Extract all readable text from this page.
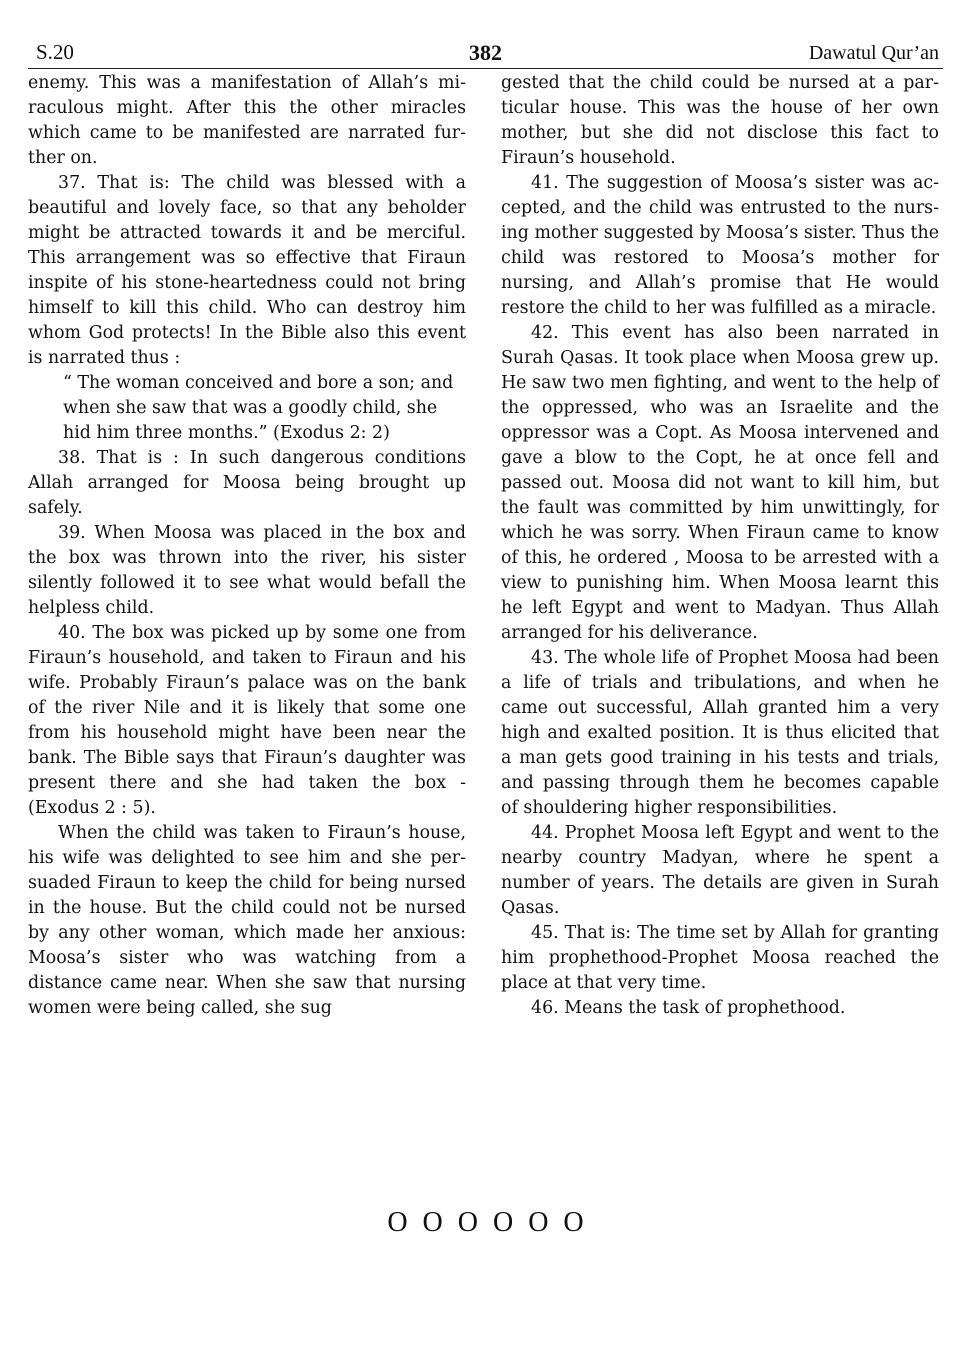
S.20	382	Dawatul Qur’an

enemy. This was a manifestation of Allah’s miraculous might. After this the other miracles which came to be manifested are narrated further on.

37. That is: The child was blessed with a beautiful and lovely face, so that any beholder might be attracted towards it and be merciful. This arrangement was so effective that Firaun inspite of his stone-heartedness could not bring himself to kill this child. Who can destroy him whom God protects! In the Bible also this event is narrated thus :

“ The woman conceived and bore a son; and when she saw that was a goodly child, she hid him three months.” (Exodus 2: 2)

38. That is : In such dangerous conditions Allah arranged for Moosa being brought up safely.

39. When Moosa was placed in the box and the box was thrown into the river, his sister silently followed it to see what would befall the helpless child.

40. The box was picked up by some one from Firaun’s household, and taken to Firaun and his wife. Probably Firaun’s palace was on the bank of the river Nile and it is likely that some one from his household might have been near the bank. The Bible says that Firaun’s daughter was present there and she had taken the box -(Exodus 2 : 5).

When the child was taken to Firaun’s house, his wife was delighted to see him and she persuaded Firaun to keep the child for being nursed in the house. But the child could not be nursed by any other woman, which made her anxious: Moosa’s sister who was watching from a distance came near. When she saw that nursing women were being called, she sug

gested that the child could be nursed at a particular house. This was the house of her own mother, but she did not disclose this fact to Firaun’s household.

41. The suggestion of Moosa’s sister was accepted, and the child was entrusted to the nursing mother suggested by Moosa’s sister. Thus the child was restored to Moosa’s mother for nursing, and Allah’s promise that He would restore the child to her was fulfilled as a miracle.

42. This event has also been narrated in Surah Qasas. It took place when Moosa grew up. He saw two men fighting, and went to the help of the oppressed, who was an Israelite and the oppressor was a Copt. As Moosa intervened and gave a blow to the Copt, he at once fell and passed out. Moosa did not want to kill him, but the fault was committed by him unwittingly, for which he was sorry. When Firaun came to know of this, he ordered , Moosa to be arrested with a view to punishing him. When Moosa learnt this he left Egypt and went to Madyan. Thus Allah arranged for his deliverance.

43. The whole life of Prophet Moosa had been a life of trials and tribulations, and when he came out successful, Allah granted him a very high and exalted position. It is thus elicited that a man gets good training in his tests and trials, and passing through them he becomes capable of shouldering higher responsibilities.

44. Prophet Moosa left Egypt and went to the nearby country Madyan, where he spent a number of years. The details are given in Surah Qasas.

45. That is: The time set by Allah for granting him prophethood-Prophet Moosa reached the place at that very time.

46. Means the task of prophethood.

O O O O O O
